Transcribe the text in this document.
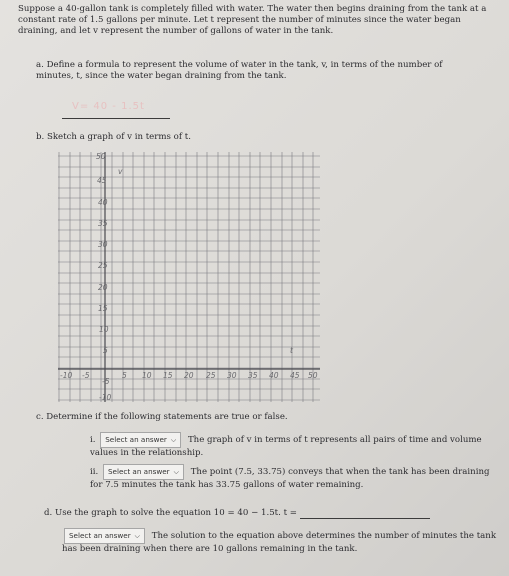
Suppose a 40-gallon tank is completely filled with water. The water then begins draining from the tank at a constant rate of 1.5 gallons per minute. Let t represent the number of minutes since the water began draining, and let v represent the number of gallons of water in the tank.
a. Define a formula to represent the volume of water in the tank, v, in terms of the number of minutes, t, since the water began draining from the tank.
V= 40 - 1.5t
b. Sketch a graph of v in terms of t.
v
t
50
45
40
35
30
25
20
15
10
5
-5
-10
-10 -5	5 10 15 20 25 30 35 40 45 50
c. Determine if the following statements are true or false.
i. Select an answer ⌵ The graph of v in terms of t represents all pairs of time and volume values in the relationship.
ii. Select an answer ⌵ The point (7.5, 33.75) conveys that when the tank has been draining for 7.5 minutes the tank has 33.75 gallons of water remaining.
d. Use the graph to solve the equation 10 = 40 − 1.5t. t =
Select an answer ⌵ The solution to the equation above determines the number of minutes the tank has been draining when there are 10 gallons remaining in the tank.
